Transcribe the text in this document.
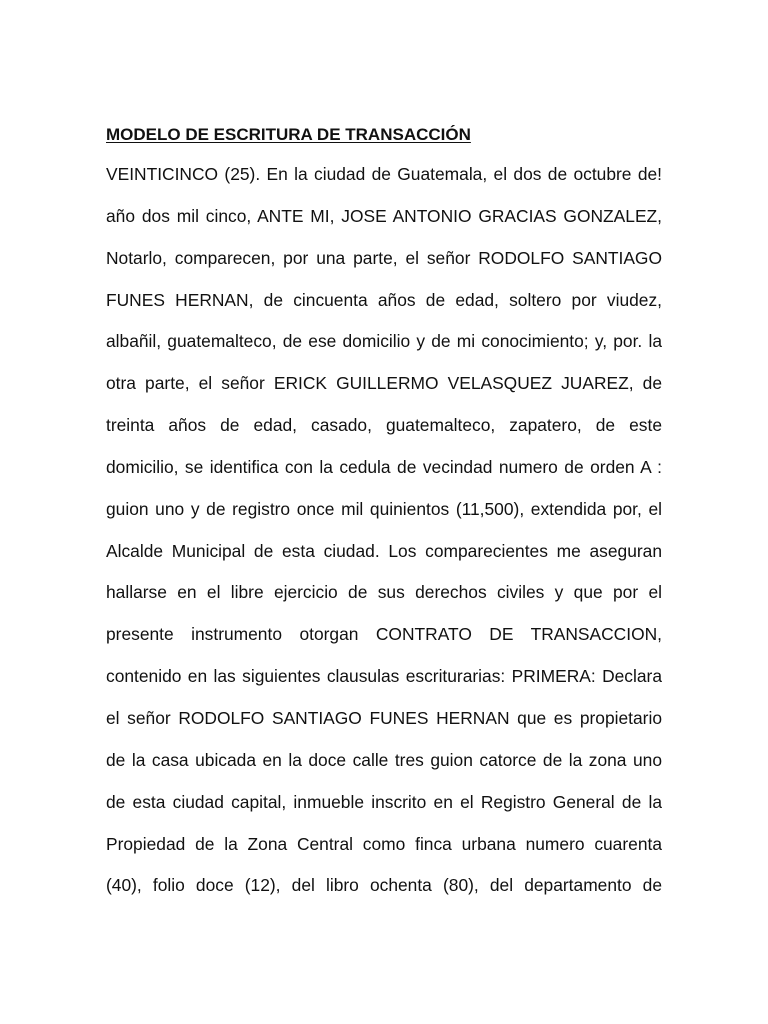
MODELO DE ESCRITURA DE TRANSACCIÓN
VEINTICINCO (25). En la ciudad de Guatemala, el dos de octubre de!
año dos mil cinco, ANTE MI, JOSE ANTONIO GRACIAS GONZALEZ,
Notarlo, comparecen, por una parte, el señor RODOLFO SANTIAGO
FUNES HERNAN, de cincuenta años de edad, soltero por viudez,
albañil, guatemalteco, de ese domicilio y de mi conocimiento; y, por. la
otra parte, el señor ERICK GUILLERMO VELASQUEZ JUAREZ, de
treinta años de edad, casado, guatemalteco, zapatero, de este
domicilio, se identifica con la cedula de vecindad numero de orden A :
guion uno y de registro once mil quinientos (11,500), extendida por, el
Alcalde Municipal de esta ciudad. Los comparecientes me aseguran
hallarse en el libre ejercicio de sus derechos civiles y que por el
presente instrumento otorgan CONTRATO DE TRANSACCION,
contenido en las siguientes clausulas escriturarias: PRIMERA: Declara
el señor RODOLFO SANTIAGO FUNES HERNAN que es propietario
de la casa ubicada en la doce calle tres guion catorce de la zona uno
de esta ciudad capital, inmueble inscrito en el Registro General de la
Propiedad de la Zona Central como finca urbana numero cuarenta
(40), folio doce (12), del libro ochenta (80), del departamento de
